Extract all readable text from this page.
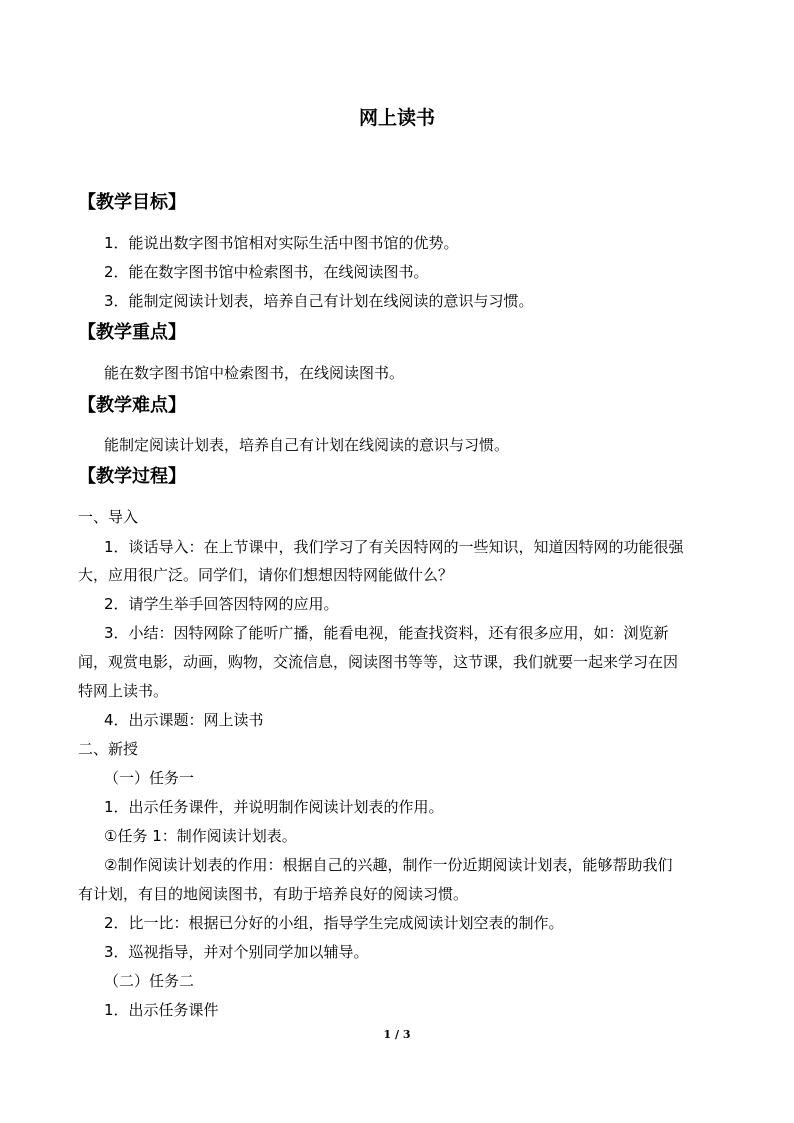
网上读书
【教学目标】
1．能说出数字图书馆相对实际生活中图书馆的优势。
2．能在数字图书馆中检索图书，在线阅读图书。
3．能制定阅读计划表，培养自己有计划在线阅读的意识与习惯。
【教学重点】
能在数字图书馆中检索图书，在线阅读图书。
【教学难点】
能制定阅读计划表，培养自己有计划在线阅读的意识与习惯。
【教学过程】
一、导入
1．谈话导入：在上节课中，我们学习了有关因特网的一些知识，知道因特网的功能很强
大，应用很广泛。同学们，请你们想想因特网能做什么？
2．请学生举手回答因特网的应用。
3．小结：因特网除了能听广播，能看电视，能查找资料，还有很多应用，如：浏览新
闻，观赏电影，动画，购物，交流信息，阅读图书等等，这节课，我们就要一起来学习在因
特网上读书。
4．出示课题：网上读书
二、新授
（一）任务一
1．出示任务课件，并说明制作阅读计划表的作用。
①任务 1：制作阅读计划表。
②制作阅读计划表的作用：根据自己的兴趣，制作一份近期阅读计划表，能够帮助我们
有计划，有目的地阅读图书，有助于培养良好的阅读习惯。
2．比一比：根据已分好的小组，指导学生完成阅读计划空表的制作。
3．巡视指导，并对个别同学加以辅导。
（二）任务二
1．出示任务课件
1 / 3
